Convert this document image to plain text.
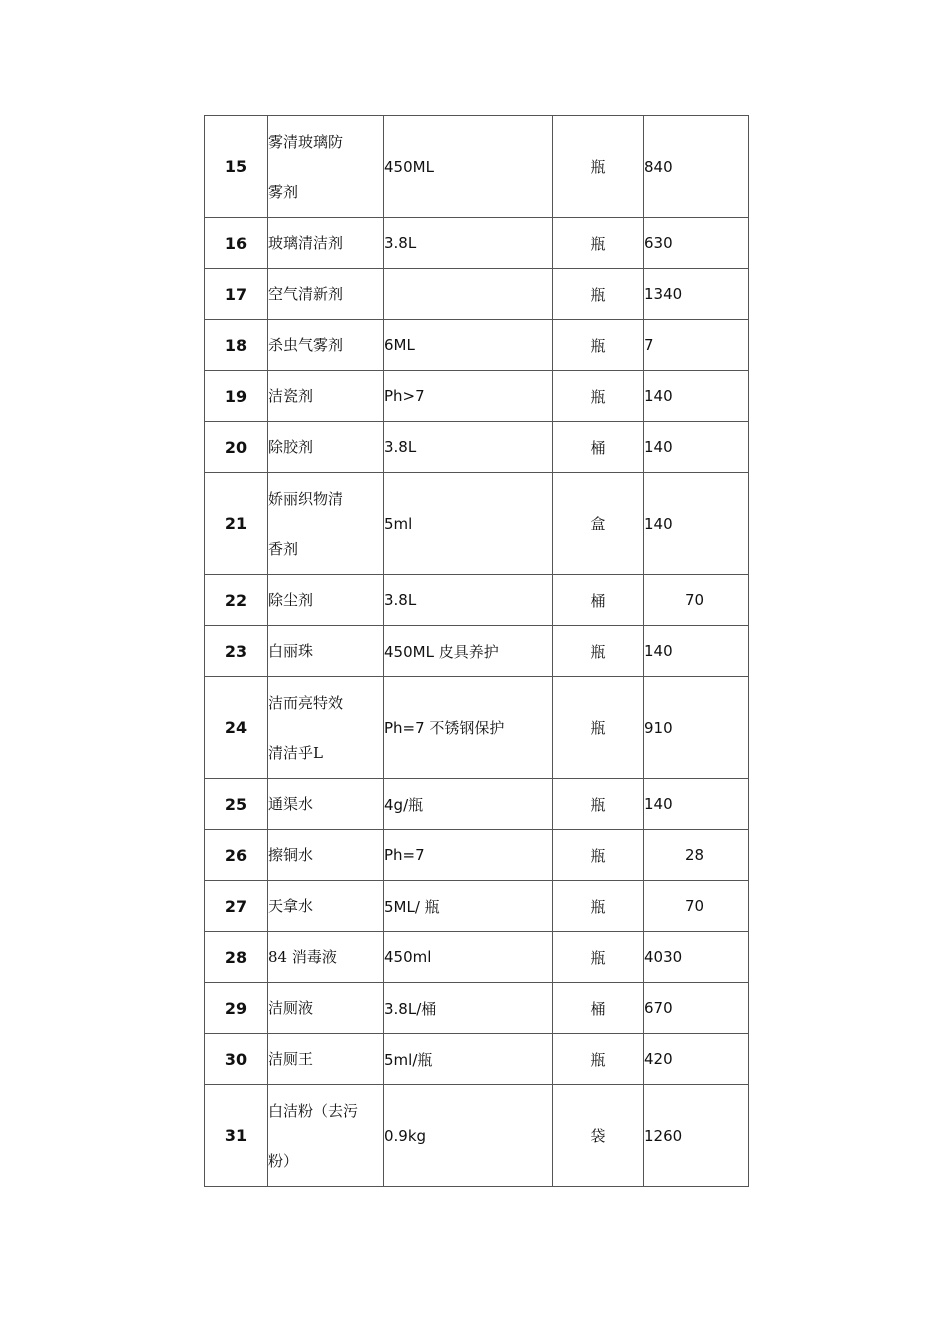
15	雾清玻璃防雾剂	450ML	瓶	840
16	玻璃清洁剂	3.8L	瓶	630
17	空气清新剂		瓶	1340
18	杀虫气雾剂	6ML	瓶	7
19	洁瓷剂	Ph>7	瓶	140
20	除胶剂	3.8L	桶	140
21	娇丽织物清香剂	5ml	盒	140
22	除尘剂	3.8L	桶	70
23	白丽珠	450ML 皮具养护	瓶	140
24	洁而亮特效清洁乎L	Ph=7 不锈钢保护	瓶	910
25	通渠水	4g/瓶	瓶	140
26	擦铜水	Ph=7	瓶	28
27	天拿水	5ML/ 瓶	瓶	70
28	84 消毒液	450ml	瓶	4030
29	洁厕液	3.8L/桶	桶	670
30	洁厕王	5ml/瓶	瓶	420
31	白洁粉（去污粉）	0.9kg	袋	1260
